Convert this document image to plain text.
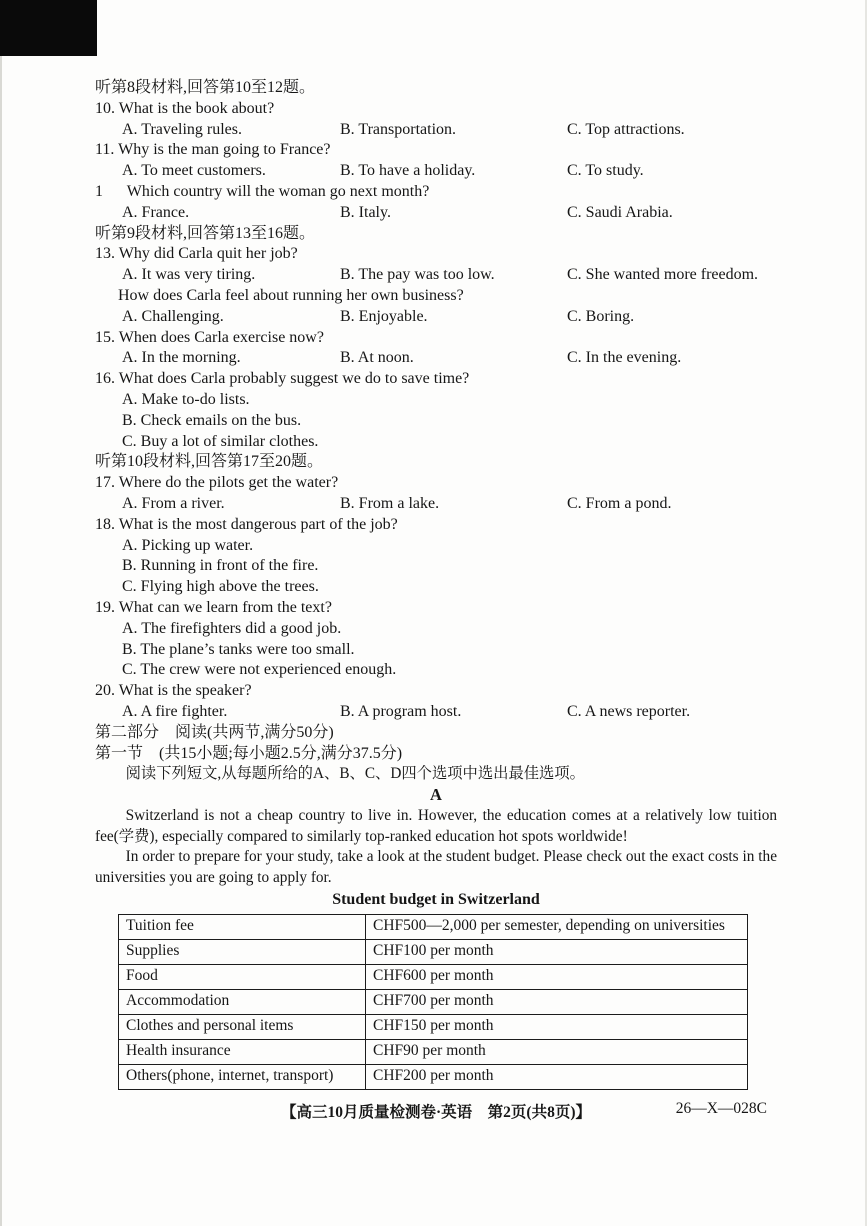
听第8段材料,回答第10至12题。
10. What is the book about?
A. Traveling rules.	B. Transportation.	C. Top attractions.
11. Why is the man going to France?
A. To meet customers.	B. To have a holiday.	C. To study.
1      Which country will the woman go next month?
A. France.	B. Italy.	C. Saudi Arabia.
听第9段材料,回答第13至16题。
13. Why did Carla quit her job?
A. It was very tiring.	B. The pay was too low.	C. She wanted more freedom.
How does Carla feel about running her own business?
A. Challenging.	B. Enjoyable.	C. Boring.
15. When does Carla exercise now?
A. In the morning.	B. At noon.	C. In the evening.
16. What does Carla probably suggest we do to save time?
A. Make to-do lists.
B. Check emails on the bus.
C. Buy a lot of similar clothes.
听第10段材料,回答第17至20题。
17. Where do the pilots get the water?
A. From a river.	B. From a lake.	C. From a pond.
18. What is the most dangerous part of the job?
A. Picking up water.
B. Running in front of the fire.
C. Flying high above the trees.
19. What can we learn from the text?
A. The firefighters did a good job.
B. The plane’s tanks were too small.
C. The crew were not experienced enough.
20. What is the speaker?
A. A fire fighter.	B. A program host.	C. A news reporter.
第二部分　阅读(共两节,满分50分)
第一节　(共15小题;每小题2.5分,满分37.5分)
阅读下列短文,从每题所给的A、B、C、D四个选项中选出最佳选项。
A
Switzerland is not a cheap country to live in. However, the education comes at a relatively low tuition fee(学费), especially compared to similarly top-ranked education hot spots worldwide!
In order to prepare for your study, take a look at the student budget. Please check out the exact costs in the universities you are going to apply for.
Student budget in Switzerland
Tuition fee	CHF500—2,000 per semester, depending on universities
Supplies	CHF100 per month
Food	CHF600 per month
Accommodation	CHF700 per month
Clothes and personal items	CHF150 per month
Health insurance	CHF90 per month
Others(phone, internet, transport)	CHF200 per month
【高三10月质量检测卷·英语　第2页(共8页)】	26—X—028C
